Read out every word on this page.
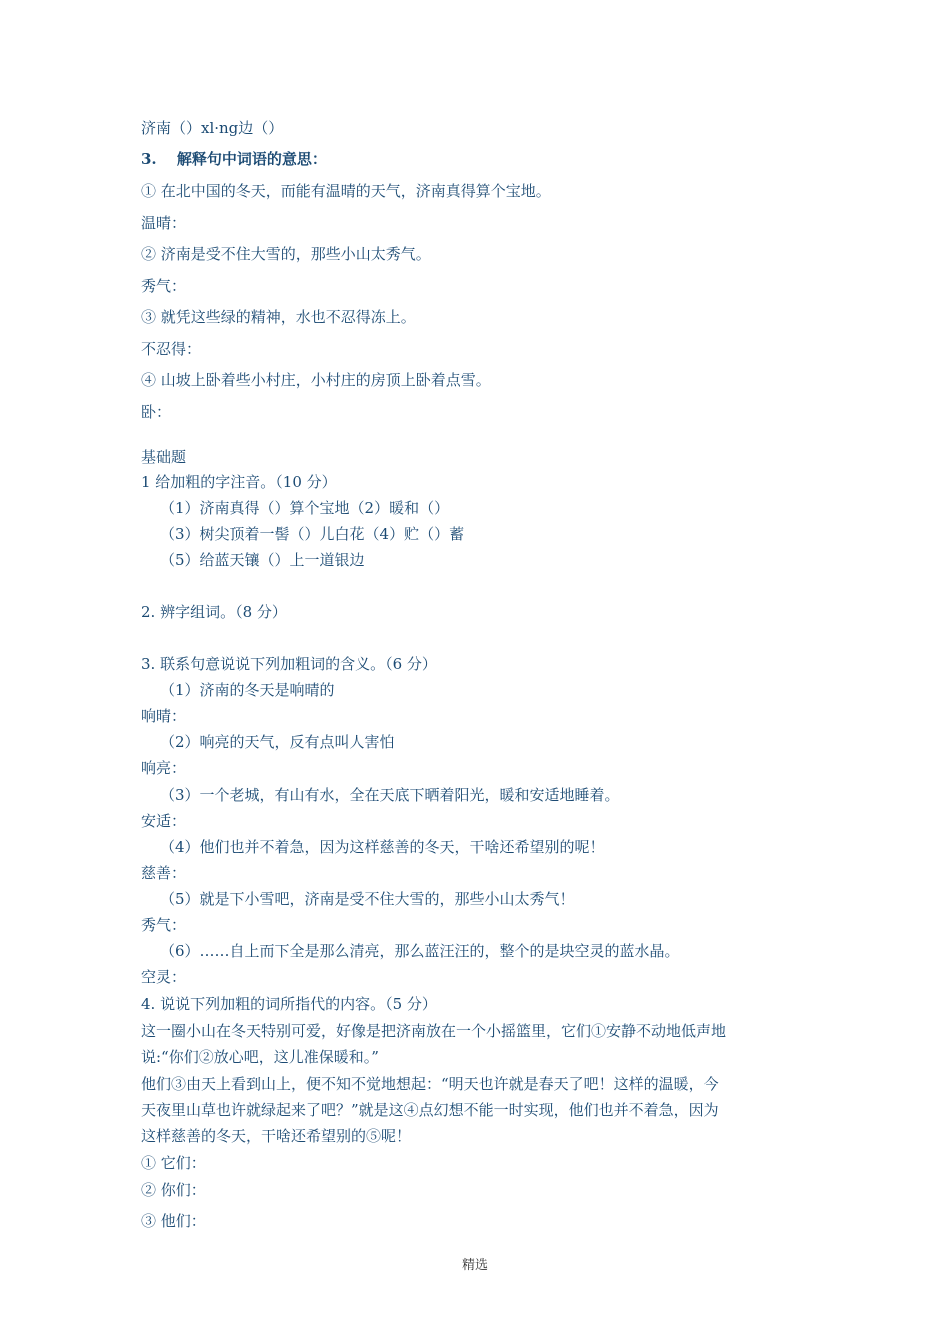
济南（）xl·ng边（）
3.　 解释句中词语的意思：
① 在北中国的冬天，而能有温晴的天气，济南真得算个宝地。
温晴：
② 济南是受不住大雪的，那些小山太秀气。
秀气：
③ 就凭这些绿的精神，水也不忍得冻上。
不忍得：
④ 山坡上卧着些小村庄，小村庄的房顶上卧着点雪。
卧：
基础题
1 给加粗的字注音。（10 分）
（1）济南真得（）算个宝地（2）暖和（）
（3）树尖顶着一髻（）儿白花（4）贮（）蓄
（5）给蓝天镶（）上一道银边
2. 辨字组词。（8 分）
3. 联系句意说说下列加粗词的含义。（6 分）
（1）济南的冬天是响晴的
响晴：
（2）响亮的天气，反有点叫人害怕
响亮：
（3）一个老城，有山有水，全在天底下晒着阳光，暖和安适地睡着。
安适：
（4）他们也并不着急，因为这样慈善的冬天，干啥还希望别的呢！
慈善：
（5）就是下小雪吧，济南是受不住大雪的，那些小山太秀气！
秀气：
（6）……自上而下全是那么清亮，那么蓝汪汪的，整个的是块空灵的蓝水晶。
空灵：
4. 说说下列加粗的词所指代的内容。（5 分）
这一圈小山在冬天特别可爱，好像是把济南放在一个小摇篮里，它们①安静不动地低声地
说:“你们②放心吧，这儿准保暖和。”
他们③由天上看到山上，便不知不觉地想起：“明天也许就是春天了吧！这样的温暖，今
天夜里山草也许就绿起来了吧？”就是这④点幻想不能一时实现，他们也并不着急，因为
这样慈善的冬天，干啥还希望别的⑤呢！
① 它们：
② 你们：
③ 他们：
精选
